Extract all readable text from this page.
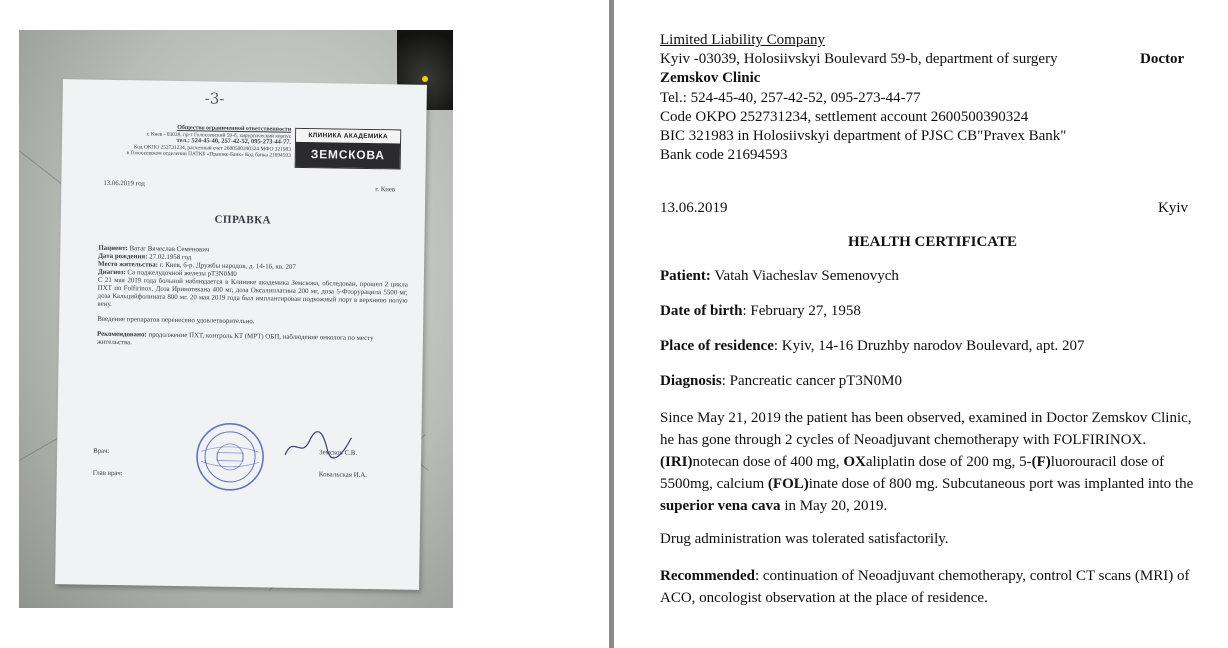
-3-
Общество ограниченной ответственности
г. Киев - 03039, пр-т Голосеевский 59-б, хирургический корпус
тел.: 524-45-40, 257-42-52, 095-273-44-77.
Код ОКПО 252731234, расчетный счет 2600500390324 МФО 321983
в Голосеевском отделении ПАТКБ «Правэкс-Банк» Код банка 21694593
КЛИНИКА АКАДЕМИКА
ЗЕМСКОВА
13.06.2019 год
г. Киев
СПРАВКА

Пациент: Ватаг Вячеслав Семенович

Дата рождения: 27.02.1958 год

Место жительства: г. Киев, б-р. Дружбы народов, д. 14-16, кв. 207

Диагноз: Са поджелудочной железы pT3N0M0

С 21 мая 2019 года больной наблюдается в Клинике академика Земскова, обследован, прошел 2 цикла ПХТ по Folfirinox. Доза Иринотекана 400 мг, доза Оксалиплатина 200 мг, доза 5-Фторурацила 5500 мг, доза Кальцийфолината 800 мг. 20 мая 2019 года был имплантирован подкожный порт в верхнюю полую вену.

Введение препаратов перенесено удовлетворительно.

Рекомендовано: продолжение ПХТ, контроль КТ (МРТ) ОБП, наблюдение онколога по месту жительства.

Врач:
Глав врач:
Земсков С.В.
Ковальская И.А.
Limited Liability Company
Kyiv -03039, Holosiivskyi Boulevard 59-b, department of surgery	Doctor
Zemskov Clinic
Tel.: 524-45-40, 257-42-52, 095-273-44-77
Code OKPO 252731234, settlement account 2600500390324
BIC 321983 in Holosiivskyi department of PJSC CB"Pravex Bank"
Bank code 21694593
13.06.2019	Kyiv
HEALTH CERTIFICATE
Patient: Vatah Viacheslav Semenovych
Date of birth: February 27, 1958
Place of residence: Kyiv, 14-16 Druzhby narodov Boulevard, apt. 207
Diagnosis: Pancreatic cancer pT3N0M0
Since May 21, 2019 the patient has been observed, examined in Doctor Zemskov Clinic, he has gone through 2 cycles of Neoadjuvant chemotherapy with FOLFIRINOX. (IRI)notecan dose of 400 mg, OXaliplatin dose of 200 mg, 5-(F)luorouracil dose of 5500mg, calcium (FOL)inate dose of 800 mg. Subcutaneous port was implanted into the superior vena cava in May 20, 2019.
Drug administration was tolerated satisfactorily.
Recommended: continuation of Neoadjuvant chemotherapy, control CT scans (MRI) of ACO, oncologist observation at the place of residence.
